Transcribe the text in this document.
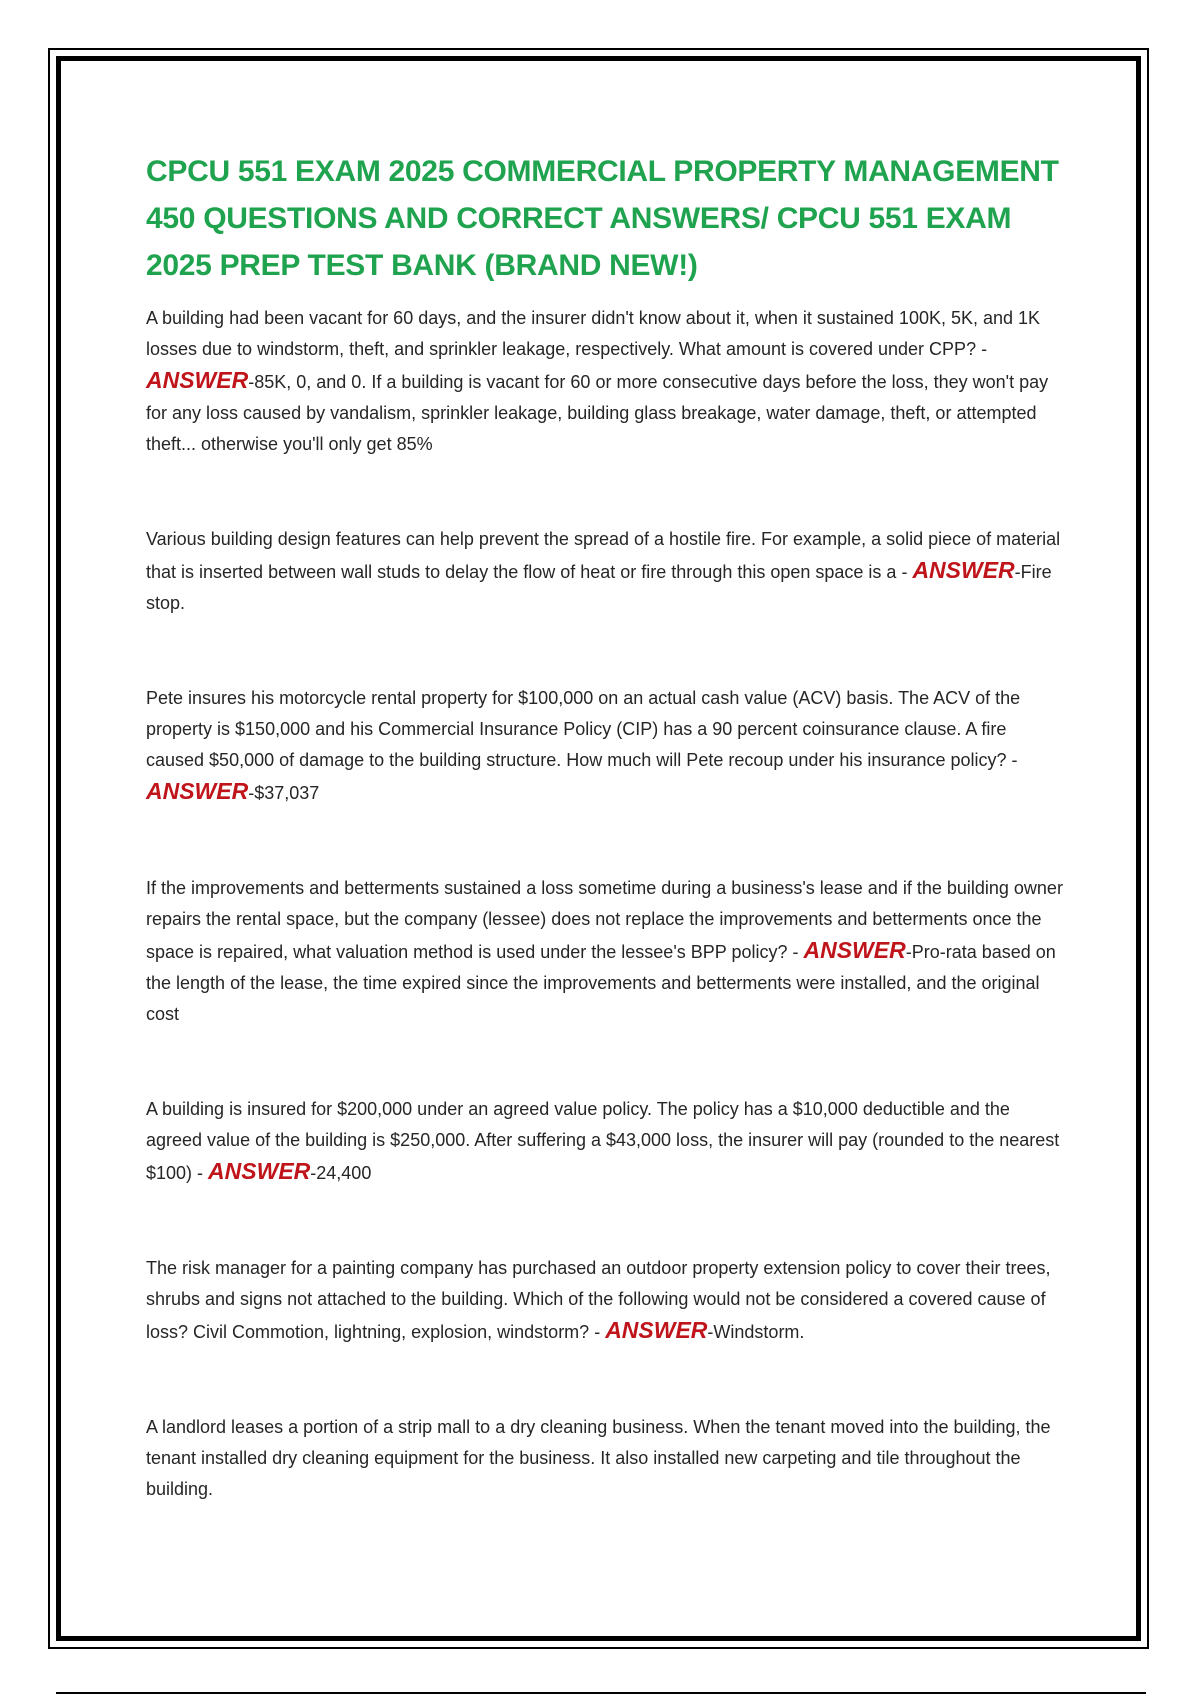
CPCU 551 EXAM 2025 COMMERCIAL PROPERTY MANAGEMENT 450 QUESTIONS AND CORRECT ANSWERS/ CPCU 551 EXAM 2025 PREP TEST BANK (BRAND NEW!)

A building had been vacant for 60 days, and the insurer didn't know about it, when it sustained 100K, 5K, and 1K losses due to windstorm, theft, and sprinkler leakage, respectively. What amount is covered under CPP? - ANSWER-85K, 0, and 0. If a building is vacant for 60 or more consecutive days before the loss, they won't pay for any loss caused by vandalism, sprinkler leakage, building glass breakage, water damage, theft, or attempted theft... otherwise you'll only get 85%

Various building design features can help prevent the spread of a hostile fire. For example, a solid piece of material that is inserted between wall studs to delay the flow of heat or fire through this open space is a - ANSWER-Fire stop.

Pete insures his motorcycle rental property for $100,000 on an actual cash value (ACV) basis. The ACV of the property is $150,000 and his Commercial Insurance Policy (CIP) has a 90 percent coinsurance clause. A fire caused $50,000 of damage to the building structure. How much will Pete recoup under his insurance policy? - ANSWER-$37,037

If the improvements and betterments sustained a loss sometime during a business's lease and if the building owner repairs the rental space, but the company (lessee) does not replace the improvements and betterments once the space is repaired, what valuation method is used under the lessee's BPP policy? - ANSWER-Pro-rata based on the length of the lease, the time expired since the improvements and betterments were installed, and the original cost

A building is insured for $200,000 under an agreed value policy. The policy has a $10,000 deductible and the agreed value of the building is $250,000. After suffering a $43,000 loss, the insurer will pay (rounded to the nearest $100) - ANSWER-24,400

The risk manager for a painting company has purchased an outdoor property extension policy to cover their trees, shrubs and signs not attached to the building. Which of the following would not be considered a covered cause of loss? Civil Commotion, lightning, explosion, windstorm? - ANSWER-Windstorm.

A landlord leases a portion of a strip mall to a dry cleaning business. When the tenant moved into the building, the tenant installed dry cleaning equipment for the business. It also installed new carpeting and tile throughout the building.
